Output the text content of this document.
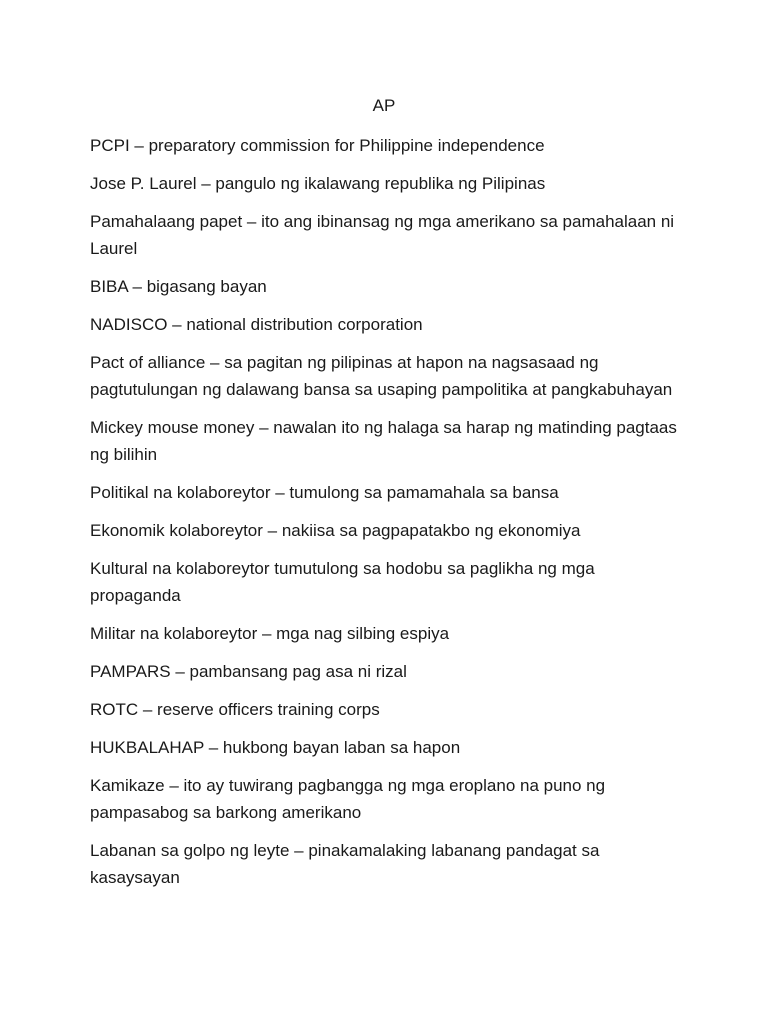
AP
PCPI – preparatory commission for Philippine independence
Jose P. Laurel – pangulo ng ikalawang republika ng Pilipinas
Pamahalaang papet – ito ang ibinansag ng mga amerikano sa pamahalaan ni Laurel
BIBA – bigasang bayan
NADISCO – national distribution corporation
Pact of alliance – sa pagitan ng pilipinas at hapon na nagsasaad ng pagtutulungan ng dalawang bansa sa usaping pampolitika at pangkabuhayan
Mickey mouse money – nawalan ito ng halaga sa harap ng matinding pagtaas ng bilihin
Politikal na kolaboreytor – tumulong sa pamamahala sa bansa
Ekonomik kolaboreytor – nakiisa sa pagpapatakbo ng ekonomiya
Kultural na kolaboreytor tumutulong sa hodobu sa paglikha ng mga propaganda
Militar na kolaboreytor – mga nag silbing espiya
PAMPARS – pambansang pag asa ni rizal
ROTC – reserve officers training corps
HUKBALAHAP – hukbong bayan laban sa hapon
Kamikaze – ito ay tuwirang pagbangga ng mga eroplano na puno ng pampasabog sa barkong amerikano
Labanan sa golpo ng leyte – pinakamalaking labanang pandagat sa kasaysayan
